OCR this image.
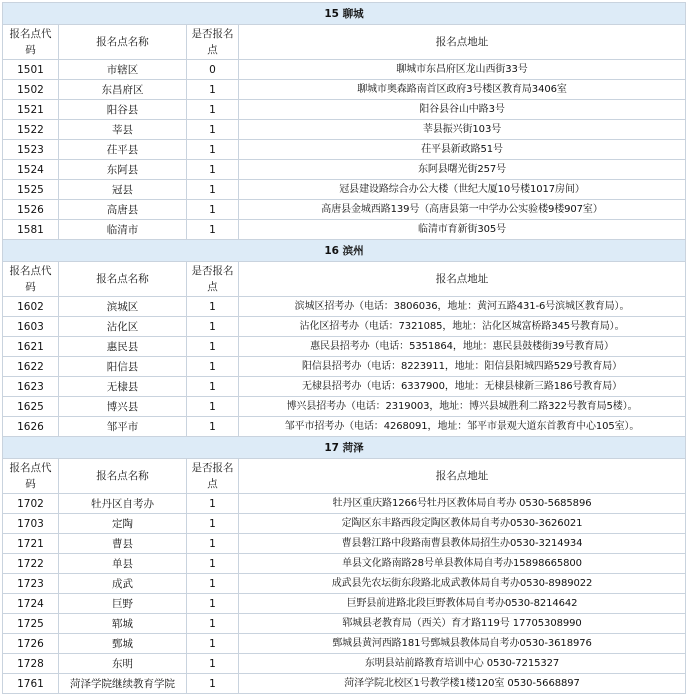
15 聊城			
报名点代码	报名点名称	是否报名点	报名点地址
1501	市辖区	0	聊城市东昌府区龙山西街33号
1502	东昌府区	1	聊城市奥森路南首区政府3号楼区教育局3406室
1521	阳谷县	1	阳谷县谷山中路3号
1522	莘县	1	莘县振兴街103号
1523	茌平县	1	茌平县新政路51号
1524	东阿县	1	东阿县曙光街257号
1525	冠县	1	冠县建设路综合办公大楼（世纪大厦10号楼1017房间）
1526	高唐县	1	高唐县金城西路139号（高唐县第一中学办公实验楼9楼907室）
1581	临清市	1	临清市育新街305号
16 滨州			
报名点代码	报名点名称	是否报名点	报名点地址
1602	滨城区	1	滨城区招考办（电话：3806036，地址：黄河五路431-6号滨城区教育局）。
1603	沾化区	1	沾化区招考办（电话：7321085，地址：沾化区城富桥路345号教育局）。
1621	惠民县	1	惠民县招考办（电话：5351864，地址：惠民县鼓楼街39号教育局）
1622	阳信县	1	阳信县招考办（电话：8223911，地址：阳信县阳城四路529号教育局）
1623	无棣县	1	无棣县招考办（电话：6337900，地址：无棣县棣新三路186号教育局）
1625	博兴县	1	博兴县招考办（电话：2319003，地址：博兴县城胜利二路322号教育局5楼）。
1626	邹平市	1	邹平市招考办（电话：4268091，地址：邹平市景观大道东首教育中心105室）。
17 菏泽			
报名点代码	报名点名称	是否报名点	报名点地址
1702	牡丹区自考办	1	牡丹区重庆路1266号牡丹区教体局自考办 0530-5685896
1703	定陶	1	定陶区东丰路西段定陶区教体局自考办0530-3626021
1721	曹县	1	曹县磐江路中段路南曹县教体局招生办0530-3214934
1722	单县	1	单县文化路南路28号单县教体局自考办15898665800
1723	成武	1	成武县先农坛街东段路北成武教体局自考办0530-8989022
1724	巨野	1	巨野县前进路北段巨野教体局自考办0530-8214642
1725	郓城	1	郓城县老教育局（西关）育才路119号 17705308990
1726	鄄城	1	鄄城县黄河西路181号鄄城县教体局自考办0530-3618976
1728	东明	1	东明县站前路教育培训中心 0530-7215327
1761	菏泽学院继续教育学院	1	菏泽学院北校区1号教学楼1楼120室 0530-5668897
